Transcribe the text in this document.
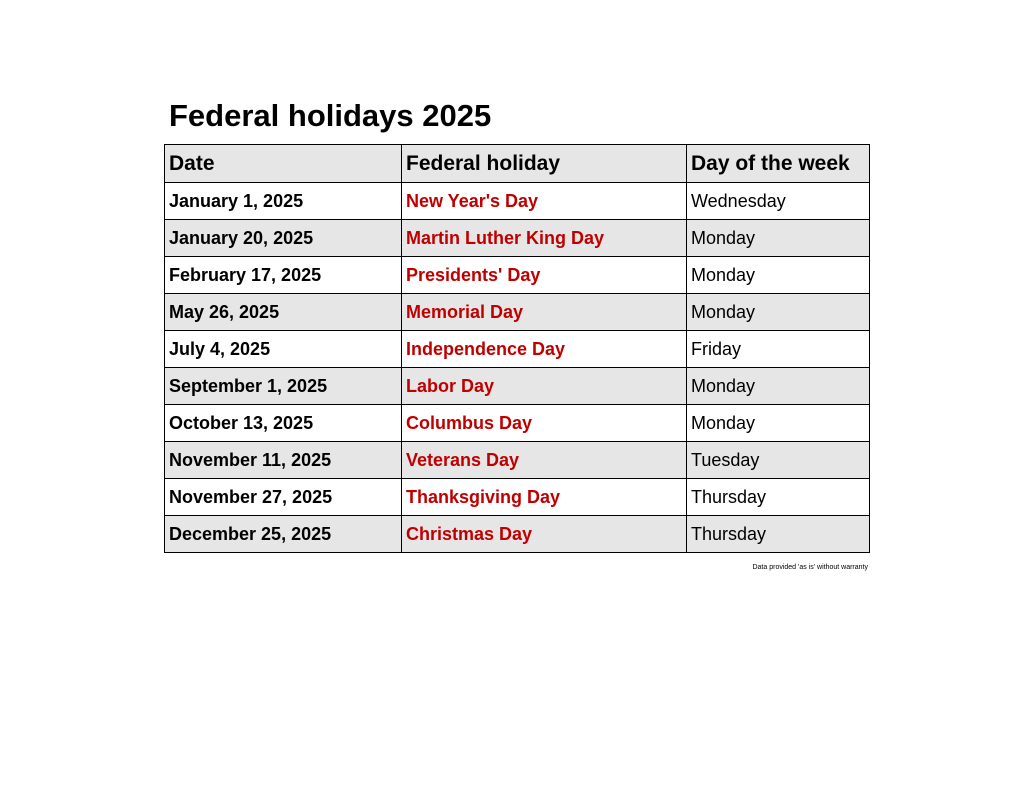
Federal holidays 2025
Date	Federal holiday	Day of the week
January 1, 2025	New Year's Day	Wednesday
January 20, 2025	Martin Luther King Day	Monday
February 17, 2025	Presidents' Day	Monday
May 26, 2025	Memorial Day	Monday
July 4, 2025	Independence Day	Friday
September 1, 2025	Labor Day	Monday
October 13, 2025	Columbus Day	Monday
November 11, 2025	Veterans Day	Tuesday
November 27, 2025	Thanksgiving Day	Thursday
December 25, 2025	Christmas Day	Thursday
Data provided 'as is' without warranty
